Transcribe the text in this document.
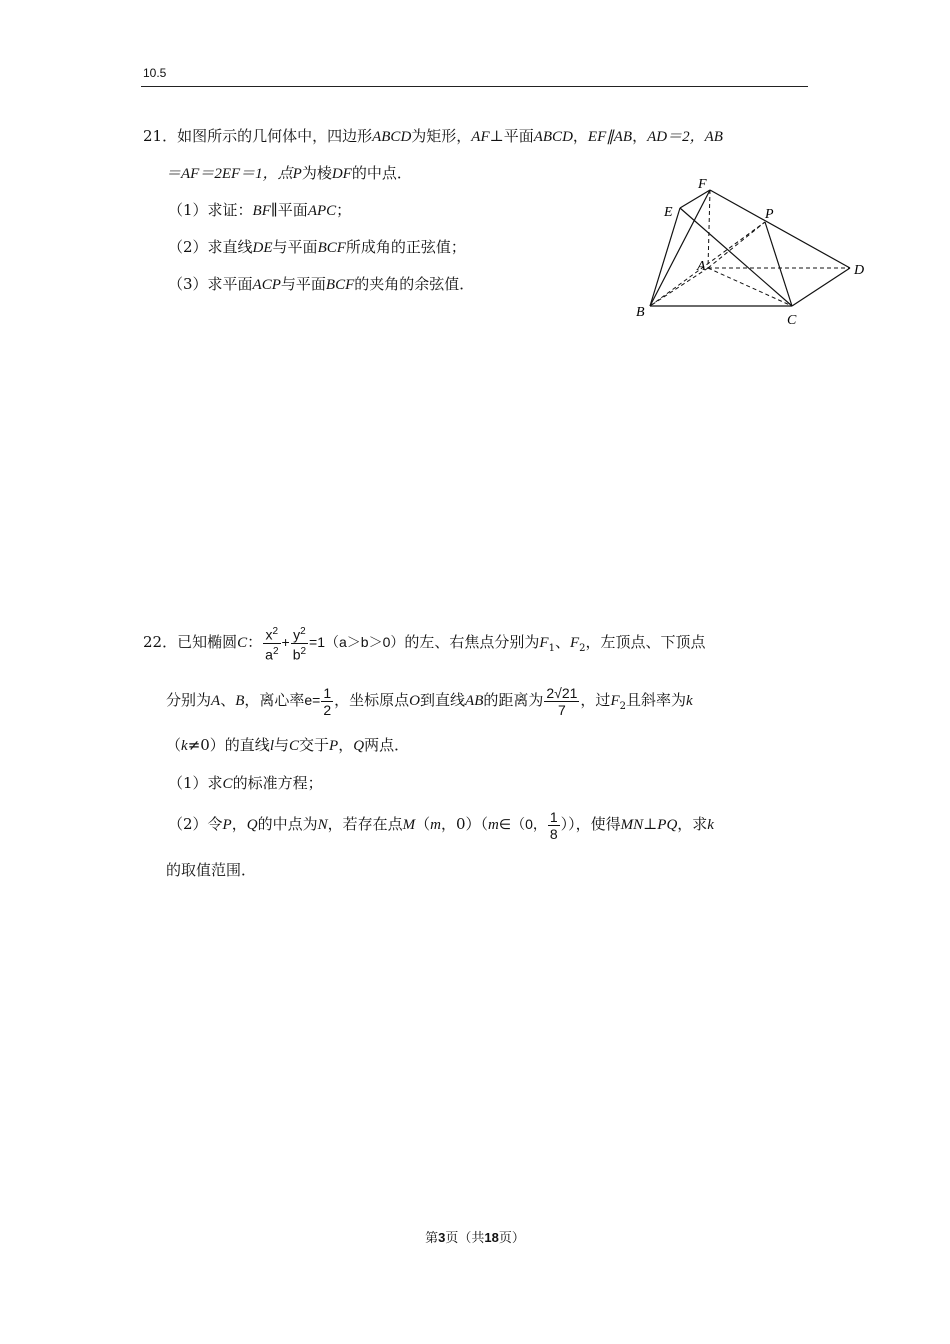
10.5
21．如图所示的几何体中，四边形ABCD为矩形，AF⊥平面ABCD，EF∥AB，AD＝2，AB
＝AF＝2EF＝1，点P为棱DF的中点．
（1）求证：BF∥平面APC；
（2）求直线DE与平面BCF所成角的正弦值；
（3）求平面ACP与平面BCF的夹角的余弦值．
F
E	P
A	D
B
C
22．已知椭圆C： $\frac{x^2}{a^2} + \frac{y^2}{b^2} =1(a>b>0)$的左、右焦点分别为$F_1$、$F_2$，左顶点、下顶点
分别为A、B，离心率$e= \frac{1}{2}$ ，坐标原点O到直线AB的距离为 $\frac{2√21}{7}$ ，过$F_2$且斜率为k
（k≠0）的直线l与C交于P，Q两点．
（1）求C的标准方程；
（2）令P，Q的中点为N，若存在点M（m，0）（m∈（0， $\frac{1}{8}$ ）），使得MN⊥PQ，求k
的取值范围．
第3页（共18页）
